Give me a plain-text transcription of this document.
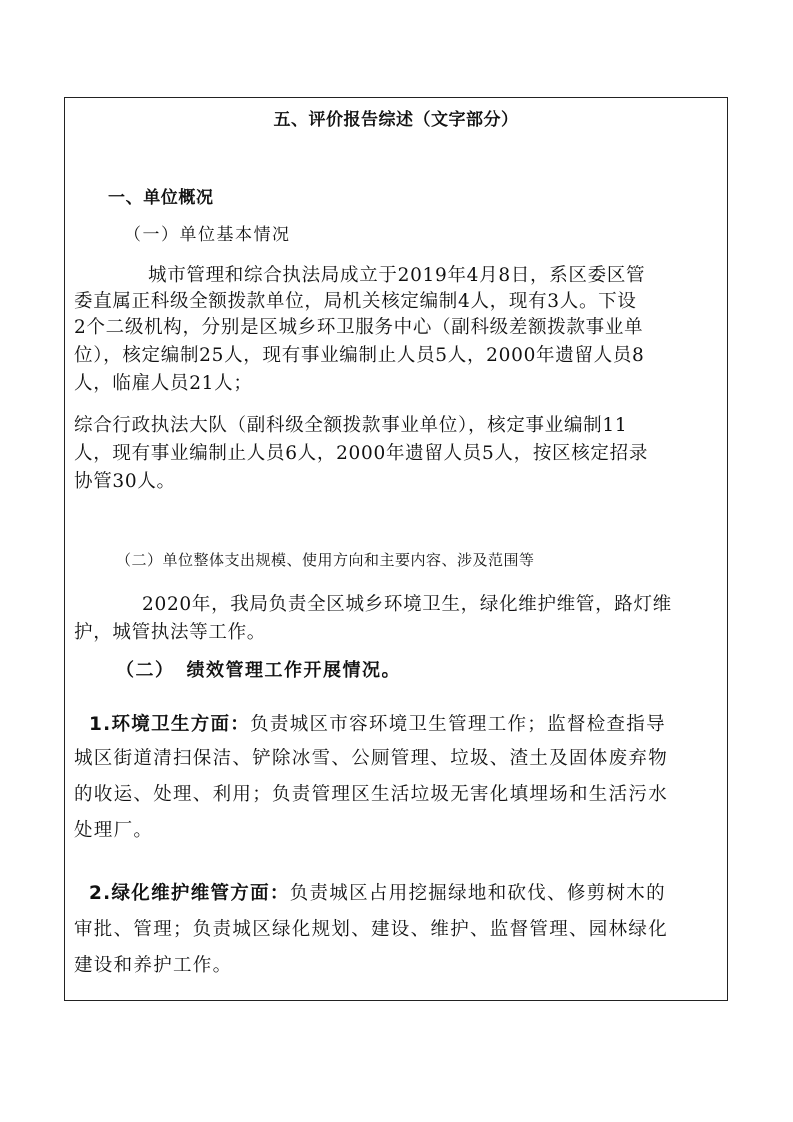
五、评价报告综述（文字部分）
一、单位概况
（一）单位基本情况
城市管理和综合执法局成立于2019年4月8日，系区委区管
委直属正科级全额拨款单位，局机关核定编制4人，现有3人。下设
2个二级机构，分别是区城乡环卫服务中心（副科级差额拨款事业单
位），核定编制25人，现有事业编制止人员5人，2000年遗留人员8
人，临雇人员21人；
综合行政执法大队（副科级全额拨款事业单位），核定事业编制11
人，现有事业编制止人员6人，2000年遗留人员5人，按区核定招录
协管30人。
（二）单位整体支出规模、使用方向和主要内容、涉及范围等
2020年，我局负责全区城乡环境卫生，绿化维护维管，路灯维
护，城管执法等工作。
（二） 绩效管理工作开展情况。
1.环境卫生方面：负责城区市容环境卫生管理工作；监督检查指导
城区街道清扫保洁、铲除冰雪、公厕管理、垃圾、渣土及固体废弃物
的收运、处理、利用；负责管理区生活垃圾无害化填埋场和生活污水
处理厂。
2.绿化维护维管方面：负责城区占用挖掘绿地和砍伐、修剪树木的
审批、管理；负责城区绿化规划、建设、维护、监督管理、园林绿化
建设和养护工作。
